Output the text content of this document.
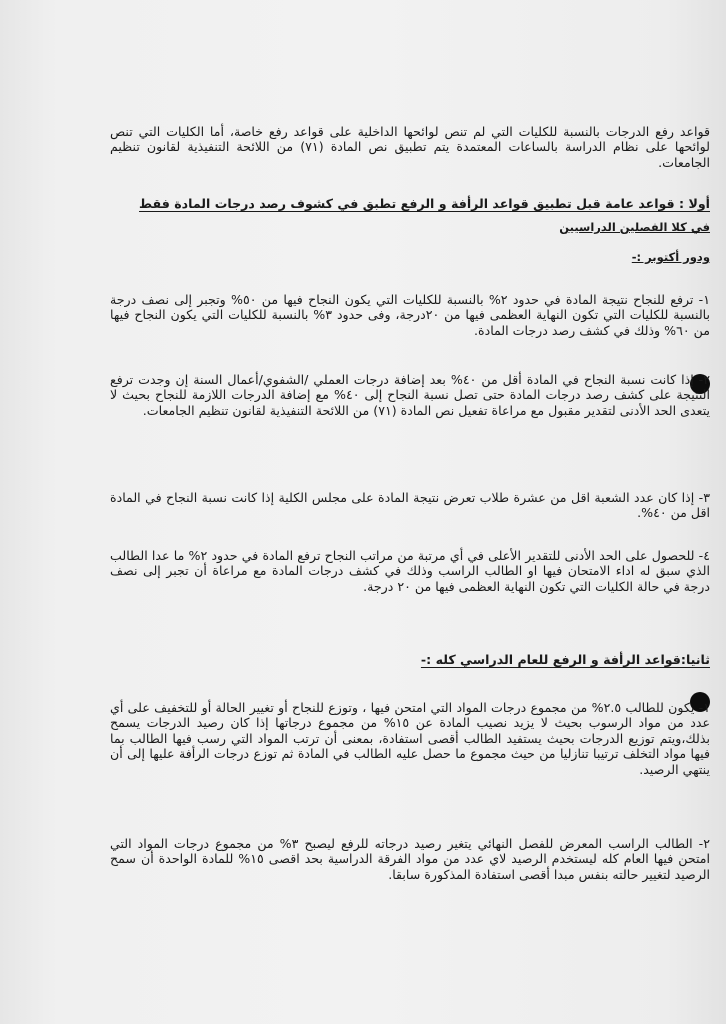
قواعد رفع الدرجات بالنسبة للكليات التي لم تنص لوائحها الداخلية على قواعد رفع خاصة، أما الكليات التي تنص لوائحها على نظام الدراسة بالساعات المعتمدة يتم تطبيق نص المادة (٧١) من اللائحة التنفيذية لقانون تنظيم الجامعات.

أولا : قواعد عامة قبل تطبيق قواعد الرأفة و الرفع تطبق في كشوف رصد درجات المادة فقط

في كلا الفصلين الدراسيين

ودور أكتوبر :-

١- ترفع للنجاح نتيجة المادة في حدود ٢% بالنسبة للكليات التي يكون النجاح فيها من ٥٠% وتجبر إلى نصف درجة بالنسبة للكليات التي تكون النهاية العظمى فيها من ٢٠درجة، وفى حدود ٣% بالنسبة للكليات التي يكون النجاح فيها من ٦٠% وذلك في كشف رصد درجات المادة.

٢- إذا كانت نسبة النجاح في المادة أقل من ٤٠% بعد إضافة درجات العملي /الشفوي/أعمال السنة إن وجدت ترفع النتيجة على كشف رصد درجات المادة حتى تصل نسبة النجاح إلى ٤٠% مع إضافة الدرجات اللازمة للنجاح بحيث لا يتعدى الحد الأدنى لتقدير مقبول مع مراعاة تفعيل نص المادة (٧١) من اللائحة التنفيذية لقانون تنظيم الجامعات.

٣- إذا كان عدد الشعبة اقل من عشرة طلاب تعرض نتيجة المادة على مجلس الكلية إذا كانت نسبة النجاح في المادة اقل من ٤٠%.

٤- للحصول على الحد الأدنى للتقدير الأعلى في أي مرتبة من مراتب النجاح ترفع المادة في حدود ٢% ما عدا الطالب الذي سبق له اداء الامتحان فيها او الطالب الراسب وذلك في كشف درجات المادة مع مراعاة أن تجبر إلى نصف درجة في حالة الكليات التي تكون النهاية العظمى فيها من ٢٠ درجة.

ثانيا:قواعد الرأفة و الرفع للعام الدراسي كله :-

١- يكون للطالب ٢.٥% من مجموع درجات المواد التي امتحن فيها ، وتوزع للنجاح أو تغيير الحالة أو للتخفيف على أي عدد من مواد الرسوب بحيث لا يزيد نصيب المادة عن ١٥% من مجموع درجاتها إذا كان رصيد الدرجات يسمح بذلك،ويتم توزيع الدرجات بحيث يستفيد الطالب أقصى استفادة، بمعنى أن ترتب المواد التي رسب فيها الطالب بما فيها مواد التخلف ترتيبا تنازليا من حيث مجموع ما حصل عليه الطالب في المادة ثم توزع درجات الرأفة عليها إلى أن ينتهي الرصيد.

٢- الطالب الراسب المعرض للفصل النهائي يتغير رصيد درجاته للرفع ليصبح ٣% من مجموع درجات المواد التي امتحن فيها العام كله ليستخدم الرصيد لاي عدد من مواد الفرقة الدراسية بحد اقصى ١٥% للمادة الواحدة أن سمح الرصيد لتغيير حالته بنفس مبدا أقصى استفادة المذكورة سابقا.
